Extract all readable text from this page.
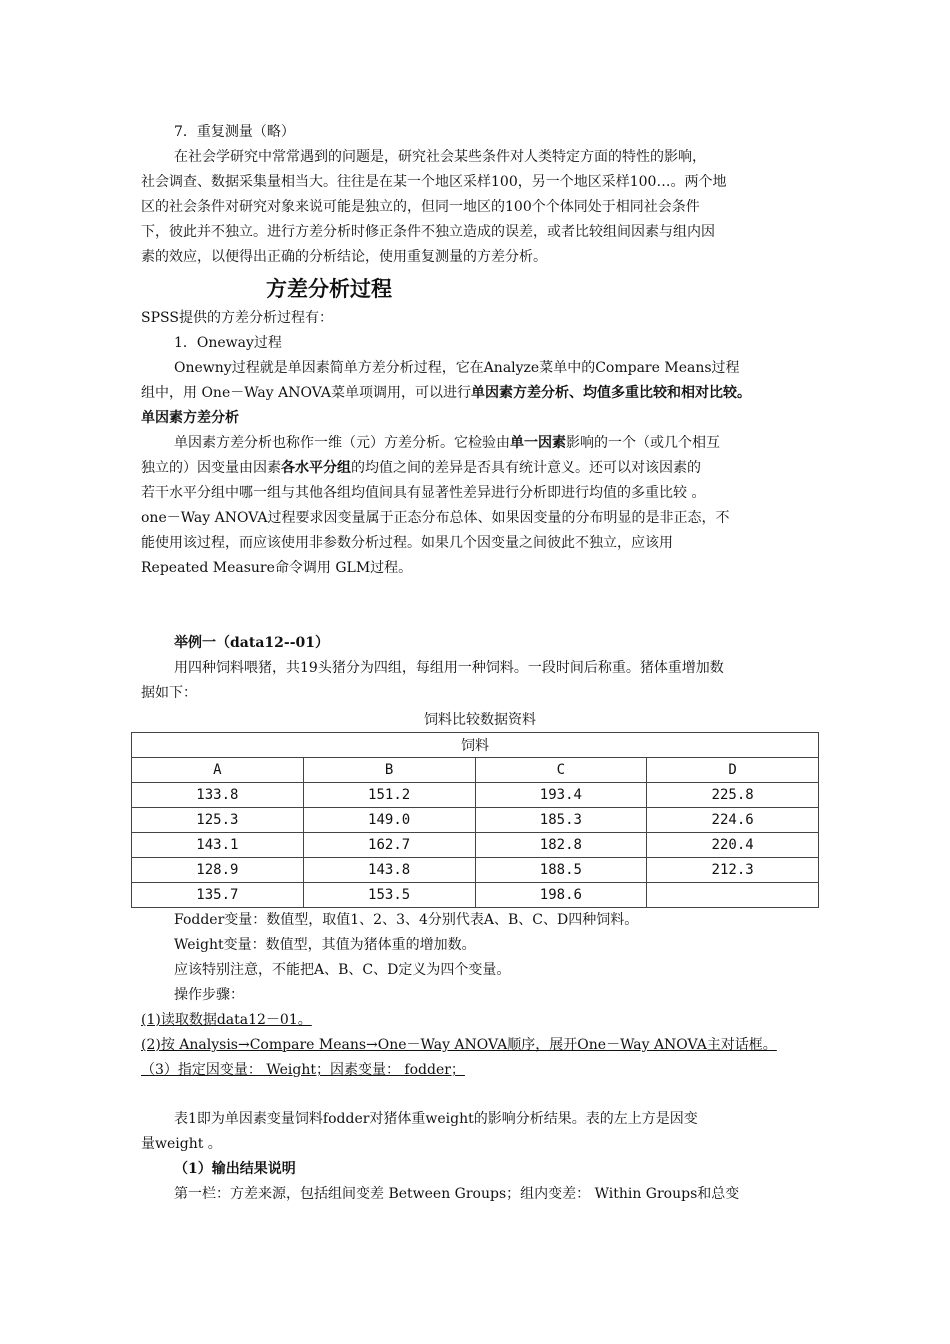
7．重复测量（略）

在社会学研究中常常遇到的问题是，研究社会某些条件对人类特定方面的特性的影响，

社会调查、数据采集量相当大。往往是在某一个地区采样100，另一个地区采样100…。两个地

区的社会条件对研究对象来说可能是独立的，但同一地区的100个个体同处于相同社会条件

下，彼此并不独立。进行方差分析时修正条件不独立造成的误差，或者比较组间因素与组内因

素的效应，以便得出正确的分析结论，使用重复测量的方差分析。

方差分析过程

SPSS提供的方差分析过程有：

1．Oneway过程

Onewny过程就是单因素简单方差分析过程，它在Analyze菜单中的Compare Means过程

组中，用 One－Way ANOVA菜单项调用，可以进行单因素方差分析、均值多重比较和相对比较。

单因素方差分析

单因素方差分析也称作一维（元）方差分析。它检验由单一因素影响的一个（或几个相互

独立的）因变量由因素各水平分组的均值之间的差异是否具有统计意义。还可以对该因素的

若干水平分组中哪一组与其他各组均值间具有显著性差异进行分析即进行均值的多重比较 。

one－Way ANOVA过程要求因变量属于正态分布总体、如果因变量的分布明显的是非正态，不

能使用该过程，而应该使用非参数分析过程。如果几个因变量之间彼此不独立，应该用

Repeated Measure命令调用 GLM过程。

举例一（data12--01）

用四种饲料喂猪，共19头猪分为四组，每组用一种饲料。一段时间后称重。猪体重增加数

据如下：

饲料比较数据资料

饲料			
A	B	C	D
133.8	151.2	193.4	225.8
125.3	149.0	185.3	224.6
143.1	162.7	182.8	220.4
128.9	143.8	188.5	212.3
135.7	153.5	198.6	

Fodder变量：数值型，取值1、2、3、4分别代表A、B、C、D四种饲料。

Weight变量：数值型，其值为猪体重的增加数。

应该特别注意，不能把A、B、C、D定义为四个变量。

操作步骤：

(1)读取数据data12－01。

(2)按 Analysis→Compare Means→One－Way ANOVA顺序，展开One－Way ANOVA主对话框。

（3）指定因变量： Weight；因素变量： fodder；

表1即为单因素变量饲料fodder对猪体重weight的影响分析结果。表的左上方是因变

量weight 。

（1）输出结果说明

第一栏：方差来源，包括组间变差 Between Groups；组内变差： Within Groups和总变
